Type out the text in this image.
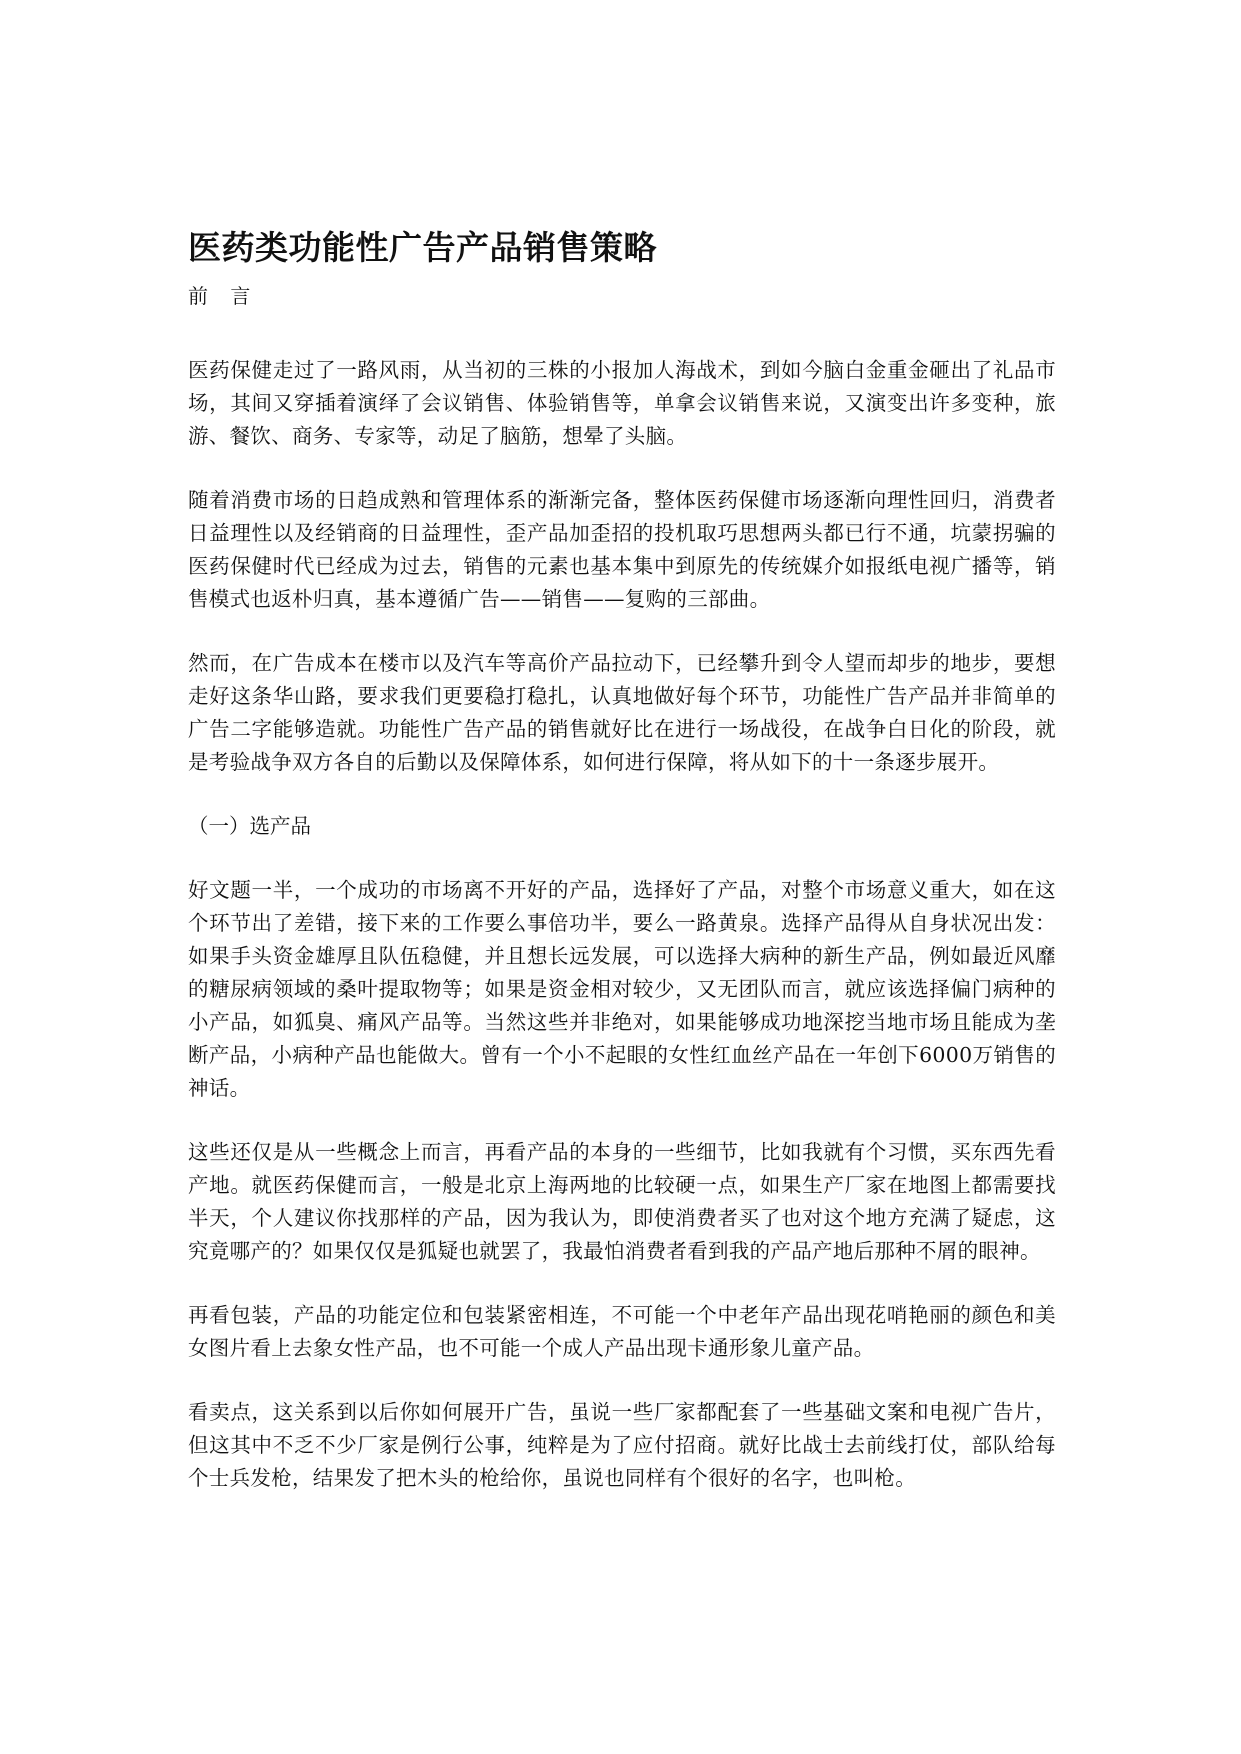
医药类功能性广告产品销售策略

前 言

医药保健走过了一路风雨，从当初的三株的小报加人海战术，到如今脑白金重金砸出了礼品市场，其间又穿插着演绎了会议销售、体验销售等，单拿会议销售来说，又演变出许多变种，旅游、餐饮、商务、专家等，动足了脑筋，想晕了头脑。

随着消费市场的日趋成熟和管理体系的渐渐完备，整体医药保健市场逐渐向理性回归，消费者日益理性以及经销商的日益理性，歪产品加歪招的投机取巧思想两头都已行不通，坑蒙拐骗的医药保健时代已经成为过去，销售的元素也基本集中到原先的传统媒介如报纸电视广播等，销售模式也返朴归真，基本遵循广告——销售——复购的三部曲。

然而，在广告成本在楼市以及汽车等高价产品拉动下，已经攀升到令人望而却步的地步，要想走好这条华山路，要求我们更要稳打稳扎，认真地做好每个环节，功能性广告产品并非简单的广告二字能够造就。功能性广告产品的销售就好比在进行一场战役，在战争白日化的阶段，就是考验战争双方各自的后勤以及保障体系，如何进行保障，将从如下的十一条逐步展开。

（一）选产品

好文题一半，一个成功的市场离不开好的产品，选择好了产品，对整个市场意义重大，如在这个环节出了差错，接下来的工作要么事倍功半，要么一路黄泉。选择产品得从自身状况出发：如果手头资金雄厚且队伍稳健，并且想长远发展，可以选择大病种的新生产品，例如最近风靡的糖尿病领域的桑叶提取物等；如果是资金相对较少，又无团队而言，就应该选择偏门病种的小产品，如狐臭、痛风产品等。当然这些并非绝对，如果能够成功地深挖当地市场且能成为垄断产品，小病种产品也能做大。曾有一个小不起眼的女性红血丝产品在一年创下6000万销售的神话。

这些还仅是从一些概念上而言，再看产品的本身的一些细节，比如我就有个习惯，买东西先看产地。就医药保健而言，一般是北京上海两地的比较硬一点，如果生产厂家在地图上都需要找半天，个人建议你找那样的产品，因为我认为，即使消费者买了也对这个地方充满了疑虑，这究竟哪产的？如果仅仅是狐疑也就罢了，我最怕消费者看到我的产品产地后那种不屑的眼神。

再看包装，产品的功能定位和包装紧密相连，不可能一个中老年产品出现花哨艳丽的颜色和美女图片看上去象女性产品，也不可能一个成人产品出现卡通形象儿童产品。

看卖点，这关系到以后你如何展开广告，虽说一些厂家都配套了一些基础文案和电视广告片，但这其中不乏不少厂家是例行公事，纯粹是为了应付招商。就好比战士去前线打仗，部队给每个士兵发枪，结果发了把木头的枪给你，虽说也同样有个很好的名字，也叫枪。
